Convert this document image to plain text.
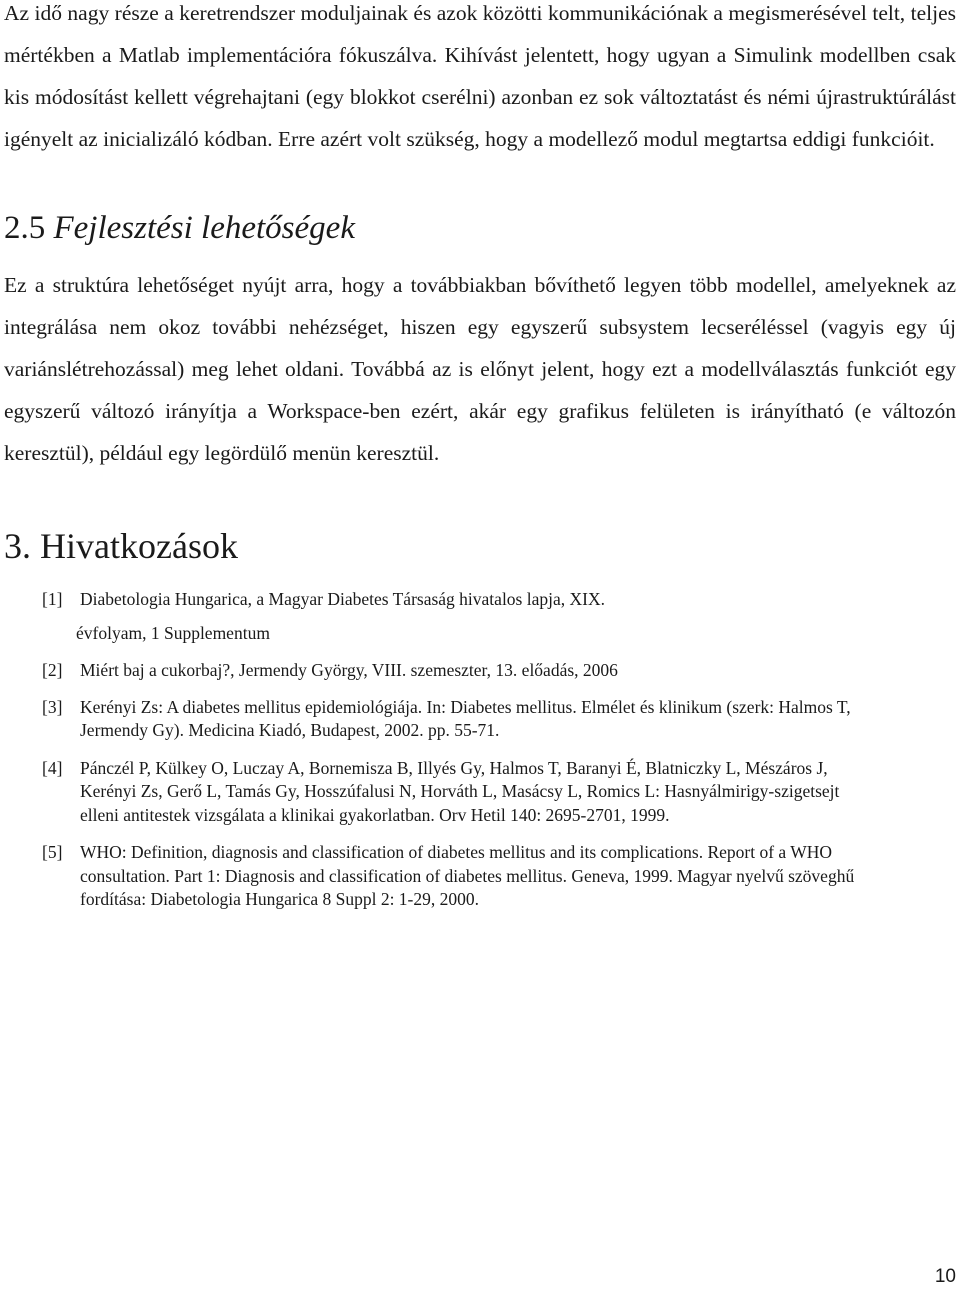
Az idő nagy része a keretrendszer moduljainak és azok közötti kommunikációnak a megismerésével telt, teljes mértékben a Matlab implementációra fókuszálva. Kihívást jelentett, hogy ugyan a Simulink modellben csak kis módosítást kellett végrehajtani (egy blokkot cserélni) azonban ez sok változtatást és némi újrastruktúrálást igényelt az inicializáló kódban. Erre azért volt szükség, hogy a modellező modul megtartsa eddigi funkcióit.

2.5 Fejlesztési lehetőségek

Ez a struktúra lehetőséget nyújt arra, hogy a továbbiakban bővíthető legyen több modellel, amelyeknek az integrálása nem okoz további nehézséget, hiszen egy egyszerű subsystem lecseréléssel (vagyis egy új variánslétrehozással) meg lehet oldani. Továbbá az is előnyt jelent, hogy ezt a modellválasztás funkciót egy egyszerű változó irányítja a Workspace-ben ezért, akár egy grafikus felületen is irányítható (e változón keresztül), például egy legördülő menün keresztül.

3. Hivatkozások
[1] Diabetologia Hungarica, a Magyar Diabetes Társaság hivatalos lapja, XIX.
évfolyam, 1 Supplementum
[2] Miért baj a cukorbaj?, Jermendy György, VIII. szemeszter, 13. előadás, 2006
[3] Kerényi Zs: A diabetes mellitus epidemiológiája. In: Diabetes mellitus. Elmélet és klinikum (szerk: Halmos T, Jermendy Gy). Medicina Kiadó, Budapest, 2002. pp. 55-71.
[4] Pánczél P, Külkey O, Luczay A, Bornemisza B, Illyés Gy, Halmos T, Baranyi É, Blatniczky L, Mészáros J, Kerényi Zs, Gerő L, Tamás Gy, Hosszúfalusi N, Horváth L, Masácsy L, Romics L: Hasnyálmirigy-szigetsejt elleni antitestek vizsgálata a klinikai gyakorlatban. Orv Hetil 140: 2695-2701, 1999.
[5] WHO: Definition, diagnosis and classification of diabetes mellitus and its complications. Report of a WHO consultation. Part 1: Diagnosis and classification of diabetes mellitus. Geneva, 1999. Magyar nyelvű szöveghű fordítása: Diabetologia Hungarica 8 Suppl 2: 1-29, 2000.
10
